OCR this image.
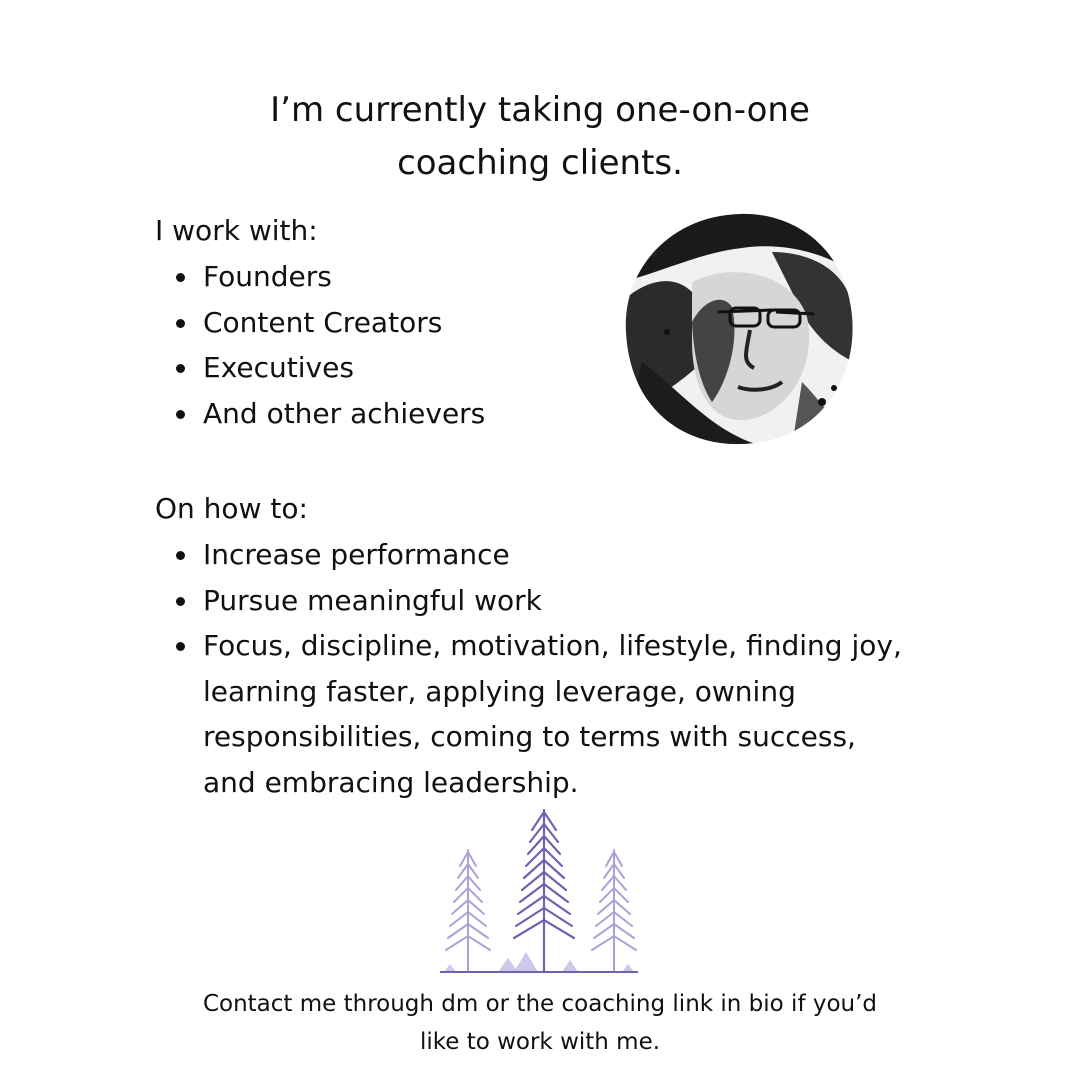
I’m currently taking one-on-one
coaching clients.

I work with:

Founders
Content Creators
Executives
And other achievers

On how to:

Increase performance
Pursue meaningful work
Focus, discipline, motivation, lifestyle, finding joy, learning faster, applying leverage, owning responsibilities, coming to terms with success, and embracing leadership.

Contact me through dm or the coaching link in bio if you’d
like to work with me.
